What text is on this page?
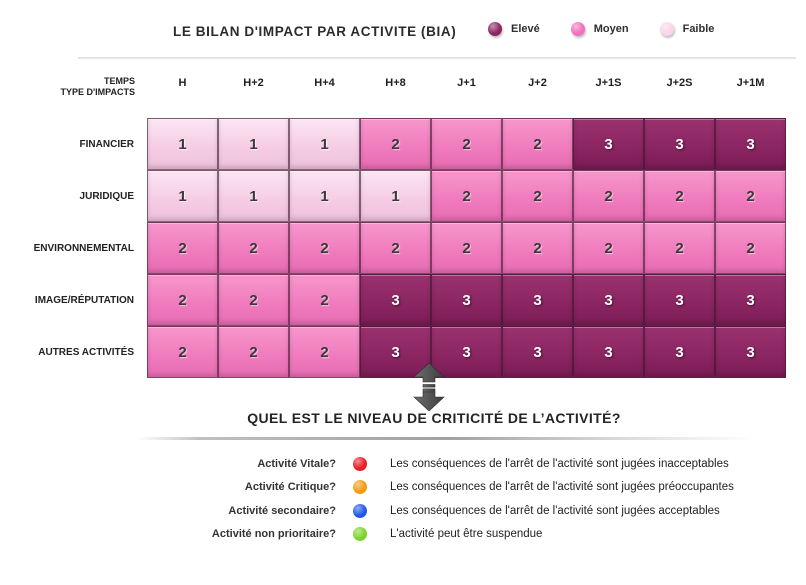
LE BILAN D'IMPACT PAR ACTIVITE (BIA)	Elevé	Moyen	Faible
TEMPS
TYPE D'IMPACTS
H	H+2	H+4	H+8	J+1	J+2	J+1S	J+2S	J+1M
FINANCIER	1	1	1	2	2	2	3	3	3
JURIDIQUE	1	1	1	1	2	2	2	2	2
ENVIRONNEMENTAL	2	2	2	2	2	2	2	2	2
IMAGE/RÉPUTATION	2	2	2	3	3	3	3	3	3
AUTRES ACTIVITÉS	2	2	2	3	3	3	3	3	3
QUEL EST LE NIVEAU DE CRITICITÉ DE L’ACTIVITÉ?
Activité Vitale?	Les conséquences de l'arrêt de l'activité sont jugées inacceptables
Activité Critique?	Les conséquences de l'arrêt de l'activité sont jugées préoccupantes
Activité secondaire?	Les conséquences de l'arrêt de l'activité sont jugées acceptables
Activité non prioritaire?	L'activité peut être suspendue
